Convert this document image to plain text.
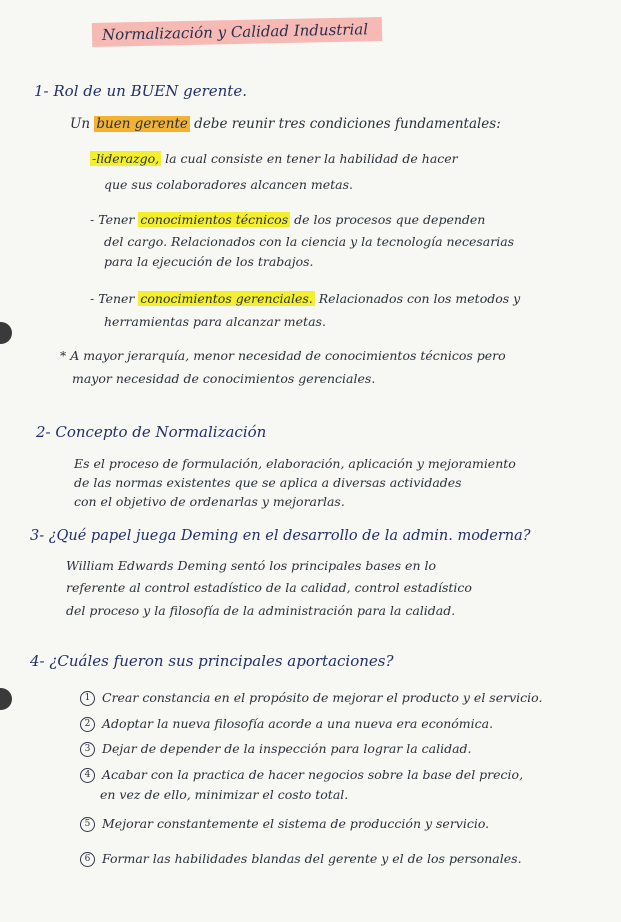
Normalización y Calidad Industrial
1- Rol de un BUEN gerente.
Un buen gerente debe reunir tres condiciones fundamentales:
-liderazgo, la cual consiste en tener la habilidad de hacer
que sus colaboradores alcancen metas.
- Tener conocimientos técnicos de los procesos que dependen
del cargo. Relacionados con la ciencia y la tecnología necesarias
para la ejecución de los trabajos.
- Tener conocimientos gerenciales. Relacionados con los metodos y
herramientas para alcanzar metas.
* A mayor jerarquía, menor necesidad de conocimientos técnicos pero
mayor necesidad de conocimientos gerenciales.
2- Concepto de Normalización
Es el proceso de formulación, elaboración, aplicación y mejoramiento
de las normas existentes que se aplica a diversas actividades
con el objetivo de ordenarlas y mejorarlas.
3- ¿Qué papel juega Deming en el desarrollo de la admin. moderna?
William Edwards Deming sentó los principales bases en lo
referente al control estadístico de la calidad, control estadístico
del proceso y la filosofía de la administración para la calidad.
4- ¿Cuáles fueron sus principales aportaciones?
1 Crear constancia en el propósito de mejorar el producto y el servicio.
2 Adoptar la nueva filosofía acorde a una nueva era económica.
3 Dejar de depender de la inspección para lograr la calidad.
4 Acabar con la practica de hacer negocios sobre la base del precio,
en vez de ello, minimizar el costo total.
5 Mejorar constantemente el sistema de producción y servicio.
6 Formar las habilidades blandas del gerente y el de los personales.
